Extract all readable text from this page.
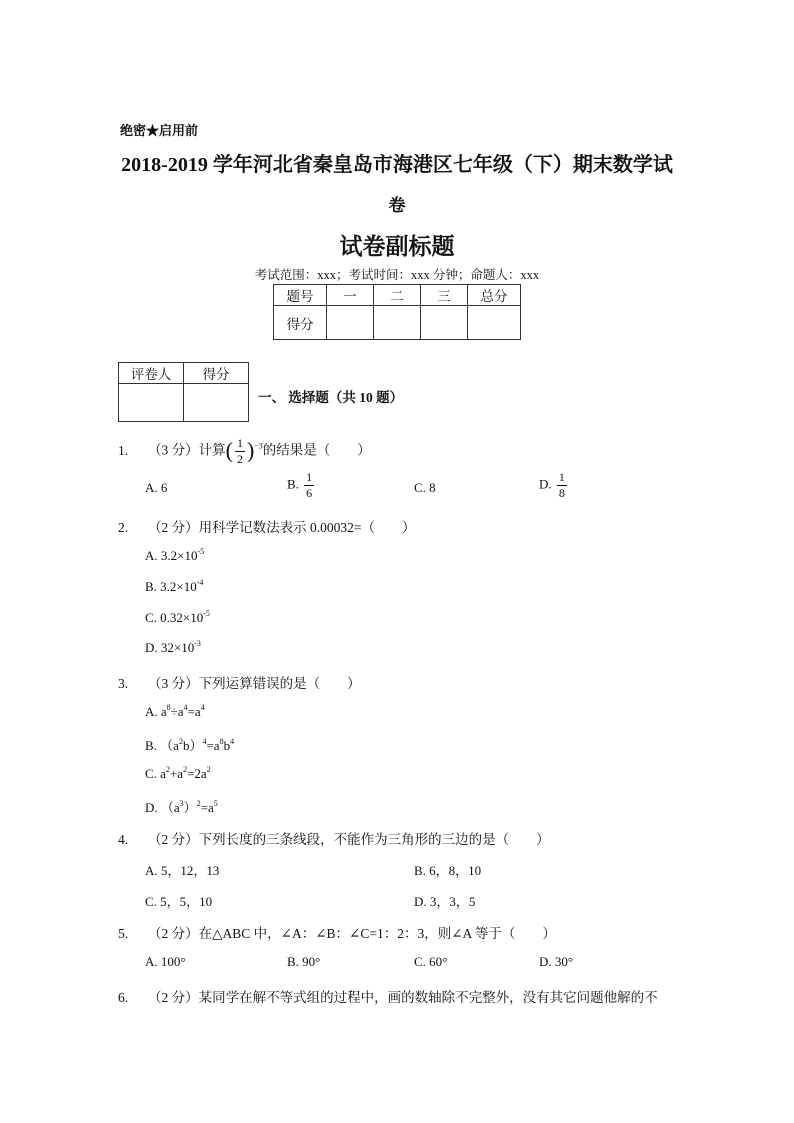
绝密★启用前
2018-2019 学年河北省秦皇岛市海港区七年级（下）期末数学试
卷
试卷副标题
考试范围：xxx；考试时间：xxx 分钟；命题人：xxx
题号	一	二	三	总分
得分				
评卷人	得分

一、 选择题（共 10 题）
1. （3 分）计算( $\frac{1}{2} )^{-3}$的结果是（　　）
A. 6	B. $\frac{1}{6}$	C. 8	D. $\frac{1}{8}$
2. （2 分）用科学记数法表示 0.00032=（　　）
A. $3.2\times 10^{-5}$
B. $3.2\times 10^{-4}$
C. $0.32\times 10^{-5}$
D. $32\times 10^{-3}$
3. （3 分）下列运算错误的是（　　）
A. $a^8\div a^4=a^4$
B. $(a^2b)^4=a^8b^4$
C. $a^2+a^2=2a^2$
D. $(a^3)^2=a^5$
4. （2 分）下列长度的三条线段，不能作为三角形的三边的是（　　）
A. 5，12，13	B. 6，8，10
C. 5，5，10	D. 3，3，5
5. （2 分）在△ABC 中，∠A：∠B：∠C=1：2：3，则∠A 等于（　　）
A. 100°	B. 90°	C. 60°	D. 30°
6. （2 分）某同学在解不等式组的过程中，画的数轴除不完整外，没有其它问题他解的不
